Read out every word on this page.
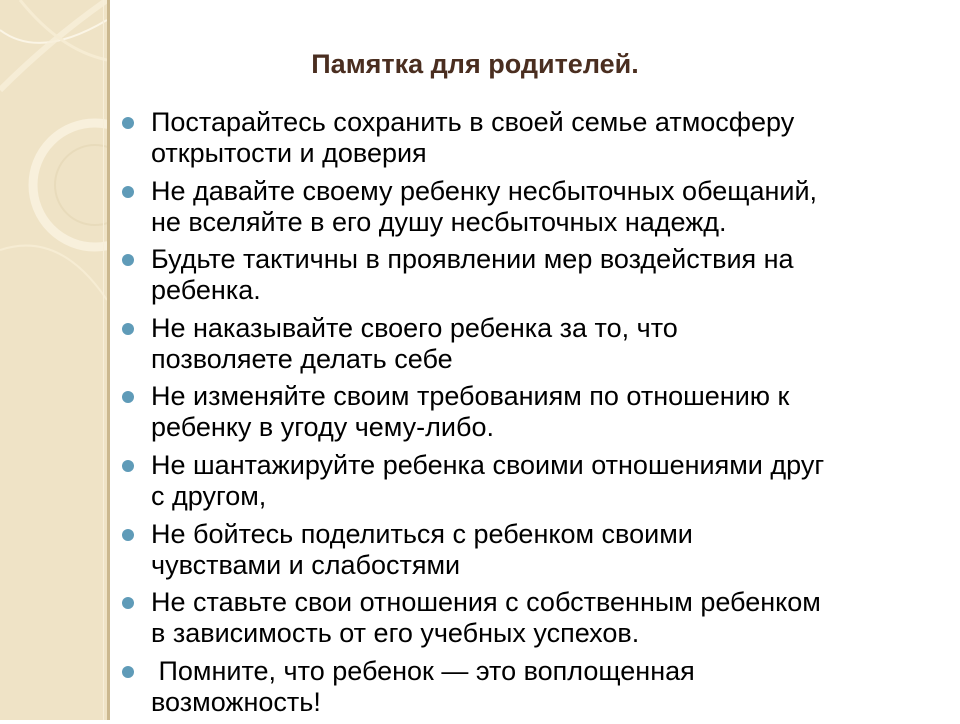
Памятка для родителей.
Постарайтесь сохранить в своей семье атмосферу
открытости и доверия
Не давайте своему ребенку несбыточных обещаний,
не вселяйте в его душу несбыточных надежд.
Будьте тактичны в проявлении мер воздействия на
ребенка.
Не наказывайте своего ребенка за то, что
позволяете делать себе
Не изменяйте своим требованиям по отношению к
ребенку в угоду чему-либо.
Не шантажируйте ребенка своими отношениями друг
с другом,
Не бойтесь поделиться с ребенком своими
чувствами и слабостями
Не ставьте свои отношения с собственным ребенком
в зависимость от его учебных успехов.
Помните, что ребенок — это воплощенная
возможность!
